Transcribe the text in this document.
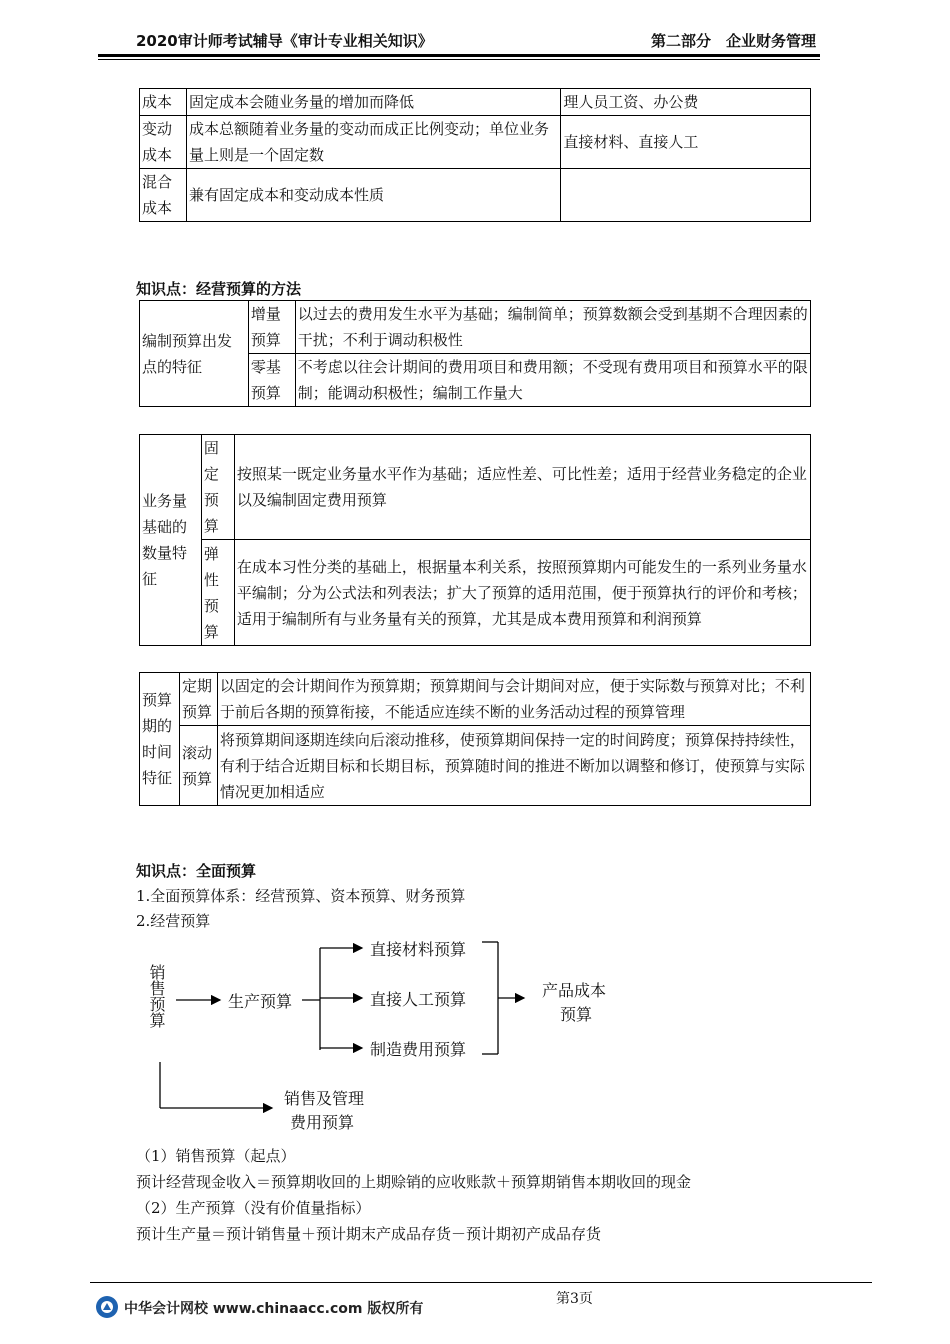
2020审计师考试辅导《审计专业相关知识》	第二部分　企业财务管理
成本	固定成本会随业务量的增加而降低	理人员工资、办公费
变动成本	成本总额随着业务量的变动而成正比例变动；单位业务量上则是一个固定数	直接材料、直接人工
混合成本	兼有固定成本和变动成本性质	
知识点：经营预算的方法
编制预算出发点的特征	增量预算	以过去的费用发生水平为基础；编制简单；预算数额会受到基期不合理因素的干扰；不利于调动积极性
	零基预算	不考虑以往会计期间的费用项目和费用额；不受现有费用项目和预算水平的限制；能调动积极性；编制工作量大
业务量基础的数量特征	固定预算	按照某一既定业务量水平作为基础；适应性差、可比性差；适用于经营业务稳定的企业以及编制固定费用预算
	弹性预算	在成本习性分类的基础上，根据量本利关系，按照预算期内可能发生的一系列业务量水平编制；分为公式法和列表法；扩大了预算的适用范围，便于预算执行的评价和考核；适用于编制所有与业务量有关的预算，尤其是成本费用预算和利润预算
预算期的时间特征	定期预算	以固定的会计期间作为预算期；预算期间与会计期间对应，便于实际数与预算对比；不利于前后各期的预算衔接，不能适应连续不断的业务活动过程的预算管理
	滚动预算	将预算期间逐期连续向后滚动推移，使预算期间保持一定的时间跨度；预算保持持续性，有利于结合近期目标和长期目标，预算随时间的推进不断加以调整和修订，使预算与实际情况更加相适应
知识点：全面预算
1.全面预算体系：经营预算、资本预算、财务预算
2.经营预算
销售预算	生产预算
直接材料预算
直接人工预算
制造费用预算
产品成本
预算
销售及管理
费用预算
（1）销售预算（起点）
预计经营现金收入＝预算期收回的上期赊销的应收账款＋预算期销售本期收回的现金
（2）生产预算（没有价值量指标）
预计生产量＝预计销售量＋预计期末产成品存货－预计期初产成品存货
第3页
中华会计网校 www.chinaacc.com 版权所有
